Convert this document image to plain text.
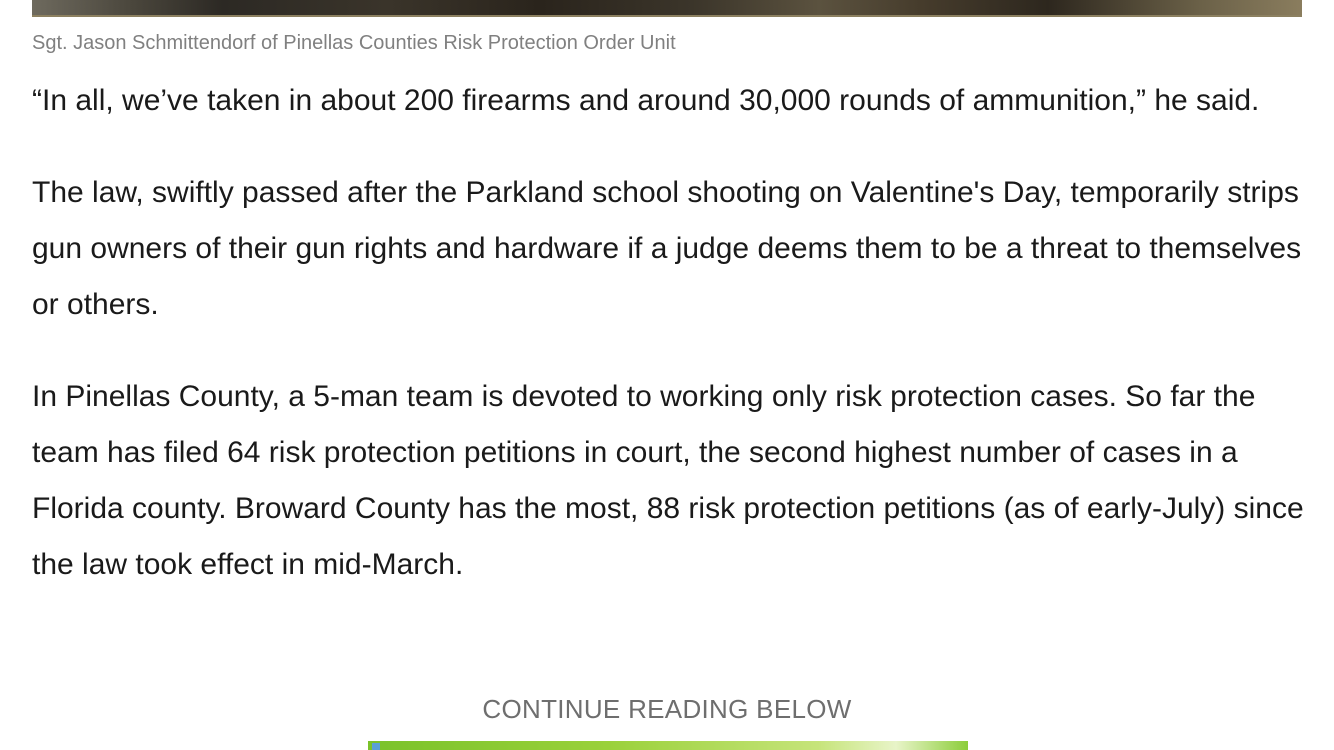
Sgt. Jason Schmittendorf of Pinellas Counties Risk Protection Order Unit

“In all, we’ve taken in about 200 firearms and around 30,000 rounds of ammunition,” he said.

The law, swiftly passed after the Parkland school shooting on Valentine's Day, temporarily strips gun owners of their gun rights and hardware if a judge deems them to be a threat to themselves or others.

In Pinellas County, a 5-man team is devoted to working only risk protection cases. So far the team has filed 64 risk protection petitions in court, the second highest number of cases in a Florida county. Broward County has the most, 88 risk protection petitions (as of early-July) since the law took effect in mid-March.

CONTINUE READING BELOW
